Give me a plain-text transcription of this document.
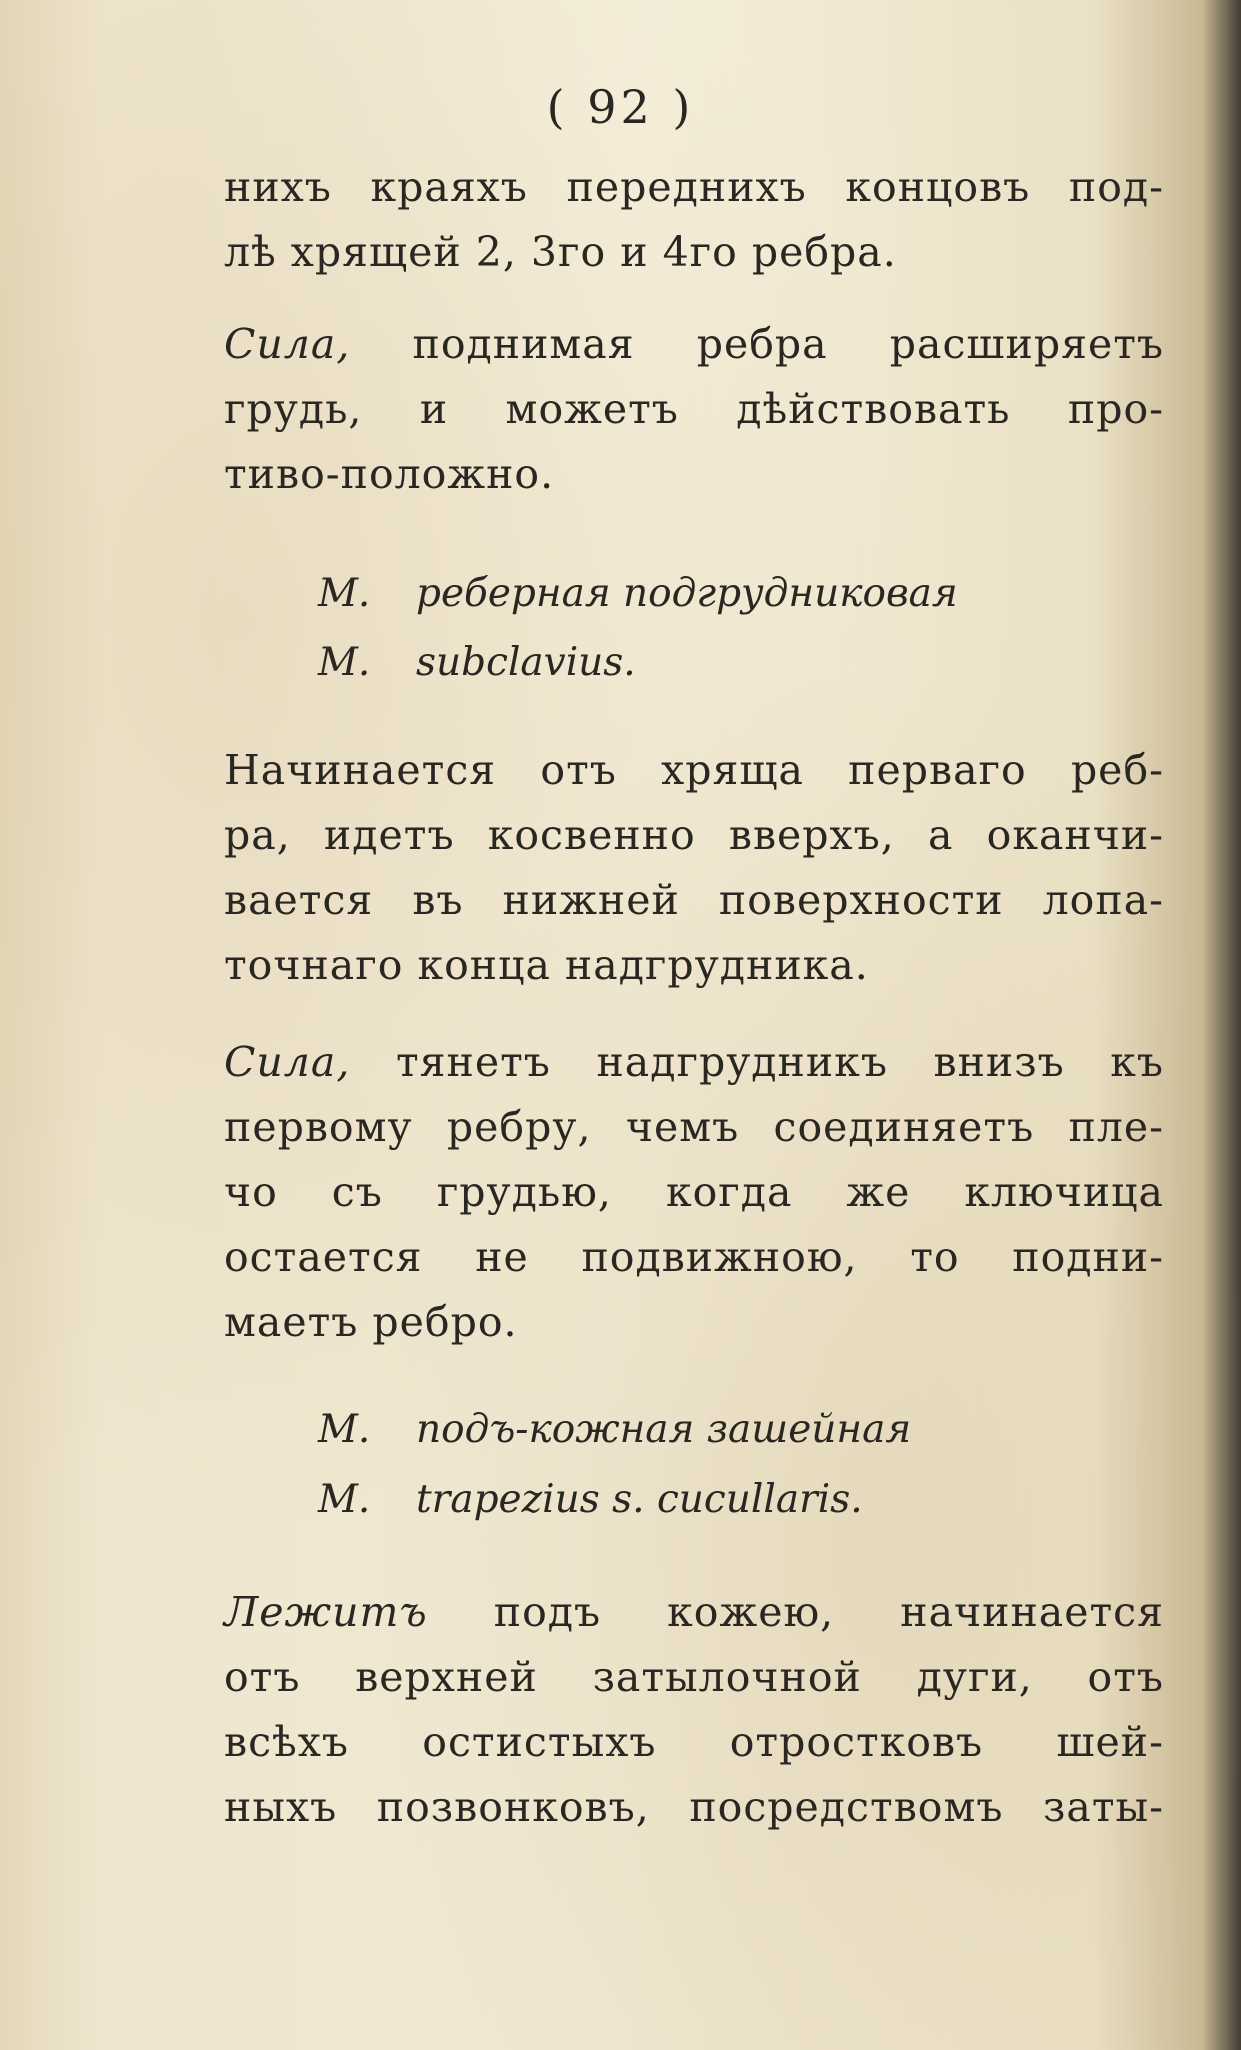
( 92 )
нихъ краяхъ переднихъ концовъ под-
лѣ хрящей 2, 3го и 4го ребра.
Сила, поднимая ребра расширяетъ
грудь, и можетъ дѣйствовать про-
тиво-положно.
M. реберная подгрудниковая
M. subclavius.
Начинается отъ хряща перваго реб-
ра, идетъ косвенно вверхъ, а оканчи-
вается въ нижней поверхности лопа-
точнаго конца надгрудника.
Сила, тянетъ надгрудникъ внизъ къ
первому ребру, чемъ соединяетъ пле-
чо съ грудью, когда же ключица
остается не подвижною, то подни-
маетъ ребро.
M. подъ-кожная зашейная
M. trapezius s. cucullaris.
Лежитъ подъ кожею, начинается
отъ верхней затылочной дуги, отъ
всѣхъ остистыхъ отростковъ шей-
ныхъ позвонковъ, посредствомъ заты-
